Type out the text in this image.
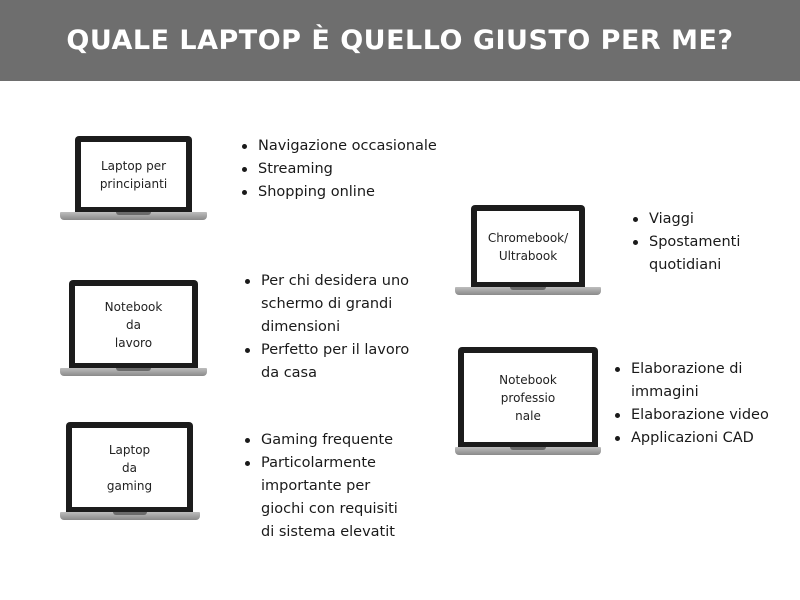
QUALE LAPTOP È QUELLO GIUSTO PER ME?
Laptop per
principianti
Navigazione occasionale
Streaming
Shopping online
Notebook
da
lavoro
Per chi desidera uno
schermo di grandi
dimensioni
Perfetto per il lavoro
da casa
Laptop
da
gaming
Gaming frequente
Particolarmente
importante per
giochi con requisiti
di sistema elevatit
Chromebook/
Ultrabook
Viaggi
Spostamenti
quotidiani
Notebook
professio
nale
Elaborazione di
immagini
Elaborazione video
Applicazioni CAD
